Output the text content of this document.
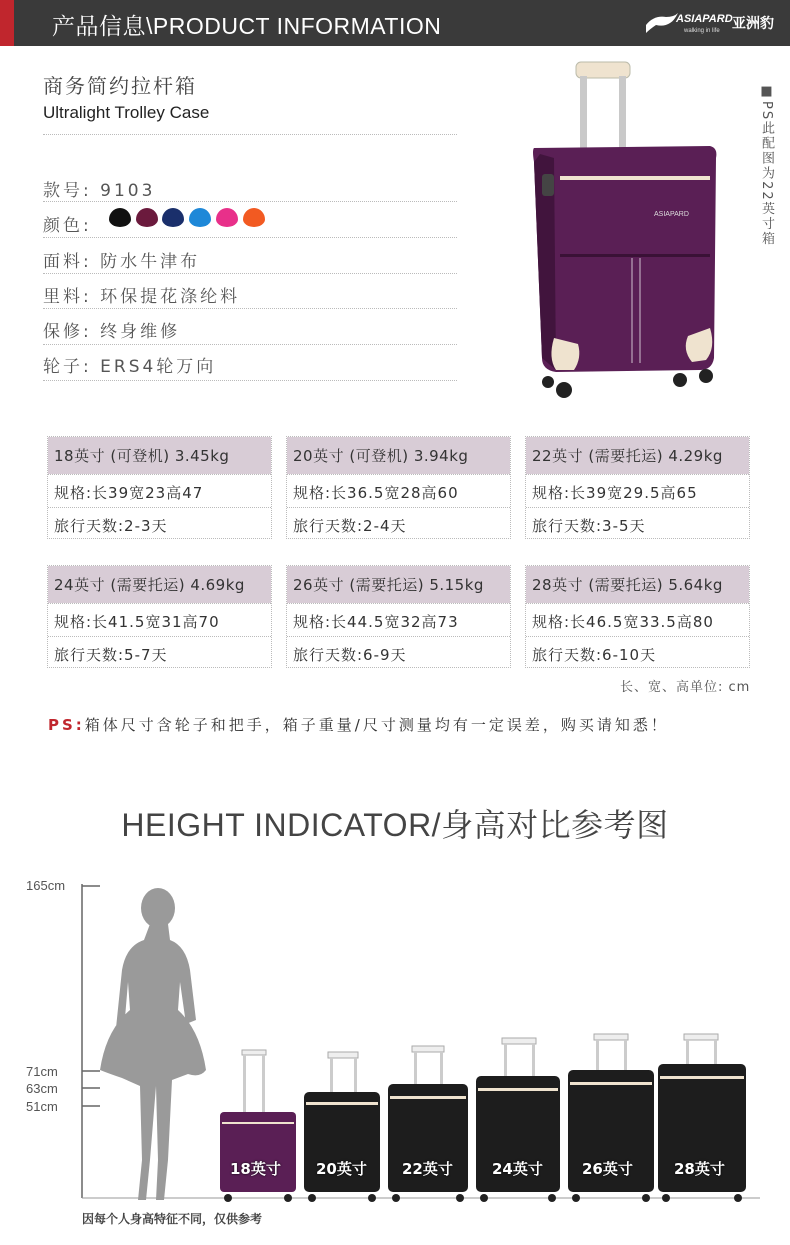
产品信息\PRODUCT INFORMATION	ASIAPARD
walking in life 亚洲豹
商务简约拉杆箱
Ultralight Trolley Case
款号: 9103
颜色:
面料: 防水牛津布
里料: 环保提花涤纶料
保修: 终身维修
轮子: ERS4轮万向
■PS此配图为22英寸箱
ASIAPARD
18英寸 (可登机) 3.45kg
规格:长39宽23高47
旅行天数:2-3天
20英寸 (可登机) 3.94kg
规格:长36.5宽28高60
旅行天数:2-4天
22英寸 (需要托运) 4.29kg
规格:长39宽29.5高65
旅行天数:3-5天
24英寸 (需要托运) 4.69kg
规格:长41.5宽31高70
旅行天数:5-7天
26英寸 (需要托运) 5.15kg
规格:长44.5宽32高73
旅行天数:6-9天
28英寸 (需要托运) 5.64kg
规格:长46.5宽33.5高80
旅行天数:6-10天
长、宽、高单位: cm
PS:箱体尺寸含轮子和把手，箱子重量/尺寸测量均有一定误差，购买请知悉！
HEIGHT INDICATOR/身高对比参考图
165cm
71cm
63cm
51cm
18英寸 20英寸 22英寸	24英寸	26英寸	28英寸
因每个人身高特征不同，仅供参考
